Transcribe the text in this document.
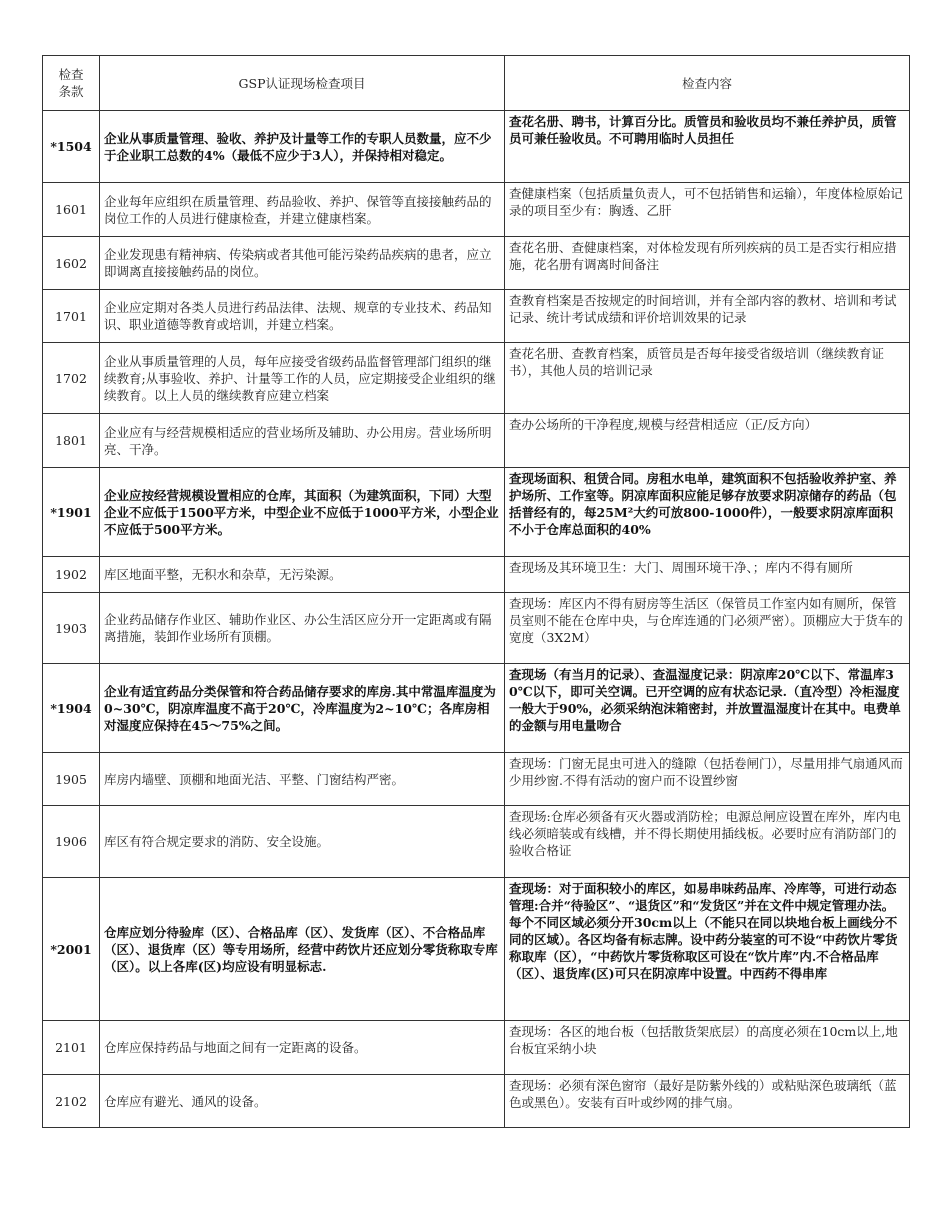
检查
条款	GSP认证现场检查项目	检查内容
*1504	企业从事质量管理、验收、养护及计量等工作的专职人员数量，应不少于企业职工总数的4%（最低不应少于3人），并保持相对稳定。	查花名册、聘书，计算百分比。质管员和验收员均不兼任养护员，质管员可兼任验收员。不可聘用临时人员担任
1601	企业每年应组织在质量管理、药品验收、养护、保管等直接接触药品的岗位工作的人员进行健康检查，并建立健康档案。	查健康档案（包括质量负责人，可不包括销售和运输），年度体检原始记录的项目至少有：胸透、乙肝
1602	企业发现患有精神病、传染病或者其他可能污染药品疾病的患者，应立即调离直接接触药品的岗位。	查花名册、查健康档案，对体检发现有所列疾病的员工是否实行相应措施，花名册有调离时间备注
1701	企业应定期对各类人员进行药品法律、法规、规章的专业技术、药品知识、职业道德等教育或培训，并建立档案。	查教育档案是否按规定的时间培训，并有全部内容的教材、培训和考试记录、统计考试成绩和评价培训效果的记录
1702	企业从事质量管理的人员，每年应接受省级药品监督管理部门组织的继续教育;从事验收、养护、计量等工作的人员，应定期接受企业组织的继续教育。以上人员的继续教育应建立档案	查花名册、查教育档案，质管员是否每年接受省级培训（继续教育证书），其他人员的培训记录
1801	企业应有与经营规模相适应的营业场所及辅助、办公用房。营业场所明亮、干净。	查办公场所的干净程度,规模与经营相适应（正/反方向）
*1901	企业应按经营规模设置相应的仓库，其面积（为建筑面积，下同）大型企业不应低于1500平方米，中型企业不应低于1000平方米，小型企业不应低于500平方米。	查现场面积、租赁合同。房租水电单，建筑面积不包括验收养护室、养护场所、工作室等。阴凉库面积应能足够存放要求阴凉储存的药品（包括普经有的，每25M²大约可放800-1000件），一般要求阴凉库面积不小于仓库总面积的40%
1902	库区地面平整，无积水和杂草，无污染源。	查现场及其环境卫生：大门、周围环境干净、；库内不得有厕所
1903	企业药品储存作业区、辅助作业区、办公生活区应分开一定距离或有隔离措施，装卸作业场所有顶棚。	查现场：库区内不得有厨房等生活区（保管员工作室内如有厕所，保管员室则不能在仓库中央，与仓库连通的门必须严密）。顶棚应大于货车的宽度（3X2M）
*1904	企业有适宜药品分类保管和符合药品储存要求的库房.其中常温库温度为0~30℃，阴凉库温度不高于20℃，冷库温度为2~10℃；各库房相对湿度应保持在45～75%之间。	查现场（有当月的记录）、查温湿度记录：阴凉库20℃以下、常温库30℃以下，即可关空调。已开空调的应有状态记录.（直冷型）冷柜湿度一般大于90%，必须采纳泡沫箱密封，并放置温湿度计在其中。电费单的金额与用电量吻合
1905	库房内墙壁、顶棚和地面光洁、平整、门窗结构严密。	查现场：门窗无昆虫可进入的缝隙（包括卷闸门），尽量用排气扇通风而少用纱窗.不得有活动的窗户而不设置纱窗
1906	库区有符合规定要求的消防、安全设施。	查现场:仓库必须备有灭火器或消防栓；电源总闸应设置在库外，库内电线必须暗装或有线槽，并不得长期使用插线板。必要时应有消防部门的验收合格证
*2001	仓库应划分待验库（区）、合格品库（区）、发货库（区）、不合格品库（区）、退货库（区）等专用场所，经营中药饮片还应划分零货称取专库（区）。以上各库(区)均应设有明显标志.	查现场：对于面积较小的库区，如易串味药品库、冷库等，可进行动态管理:合并“待验区”、“退货区”和“发货区”并在文件中规定管理办法。每个不同区域必须分开30cm以上（不能只在同以块地台板上画线分不同的区域）。各区均备有标志牌。设中药分装室的可不设“中药饮片零货称取库（区），“中药饮片零货称取区可设在“饮片库”内.不合格品库（区）、退货库(区)可只在阴凉库中设置。中西药不得串库
2101	仓库应保持药品与地面之间有一定距离的设备。	查现场：各区的地台板（包括散货架底层）的高度必须在10cm以上,地台板宜采纳小块
2102	仓库应有避光、通风的设备。	查现场：必须有深色窗帘（最好是防紫外线的）或粘贴深色玻璃纸（蓝色或黑色）。安装有百叶或纱网的排气扇。
